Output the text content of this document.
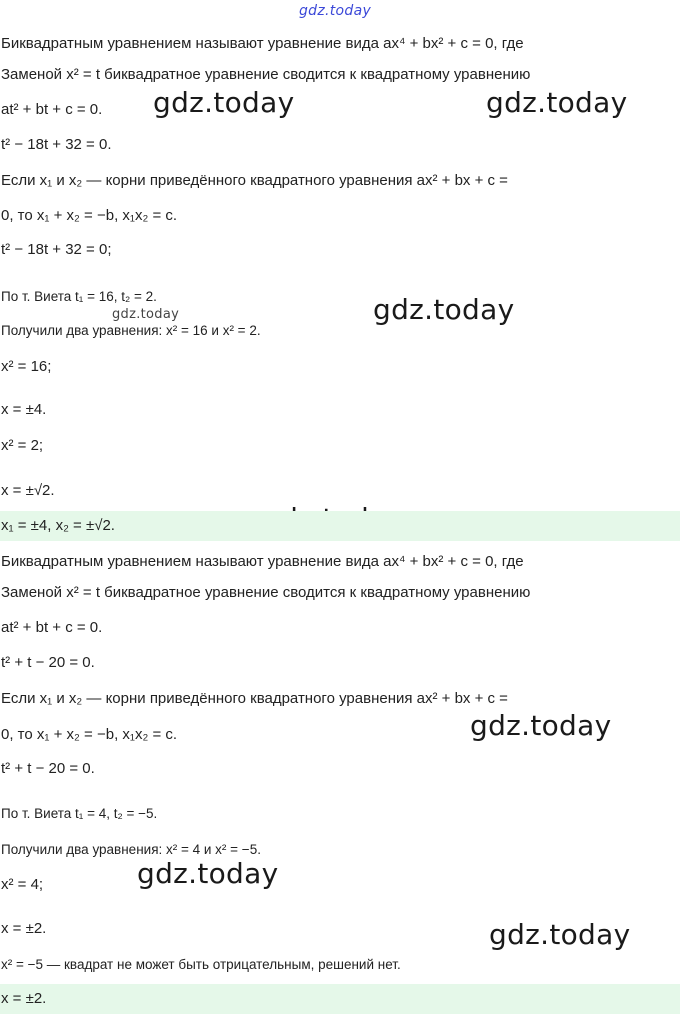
gdz.today
gdz.today	gdz.today
gdz.today
gdz.today
gdz.today
gdz.today
gdz.today
Биквадратным уравнением называют уравнение вида ax⁴ + bx² + c = 0, где
Заменой x² = t биквадратное уравнение сводится к квадратному уравнению
at² + bt + c = 0.
t² − 18t + 32 = 0.
Если x₁ и x₂ — корни приведённого квадратного уравнения ax² + bx + c =
0, то x₁ + x₂ = −b, x₁x₂ = c.
t² − 18t + 32 = 0;
По т. Виета t₁ = 16, t₂ = 2.
Получили два уравнения: x² = 16 и x² = 2.
x² = 16;
x = ±4.
x² = 2;
x = ±√2.
x₁ = ±4, x₂ = ±√2.
Биквадратным уравнением называют уравнение вида ax⁴ + bx² + c = 0, где
Заменой x² = t биквадратное уравнение сводится к квадратному уравнению
at² + bt + c = 0.
t² + t − 20 = 0.
Если x₁ и x₂ — корни приведённого квадратного уравнения ax² + bx + c =
0, то x₁ + x₂ = −b, x₁x₂ = c.
t² + t − 20 = 0.
По т. Виета t₁ = 4, t₂ = −5.
Получили два уравнения: x² = 4 и x² = −5.
x² = 4;
x = ±2.
x² = −5 — квадрат не может быть отрицательным, решений нет.
x = ±2.
